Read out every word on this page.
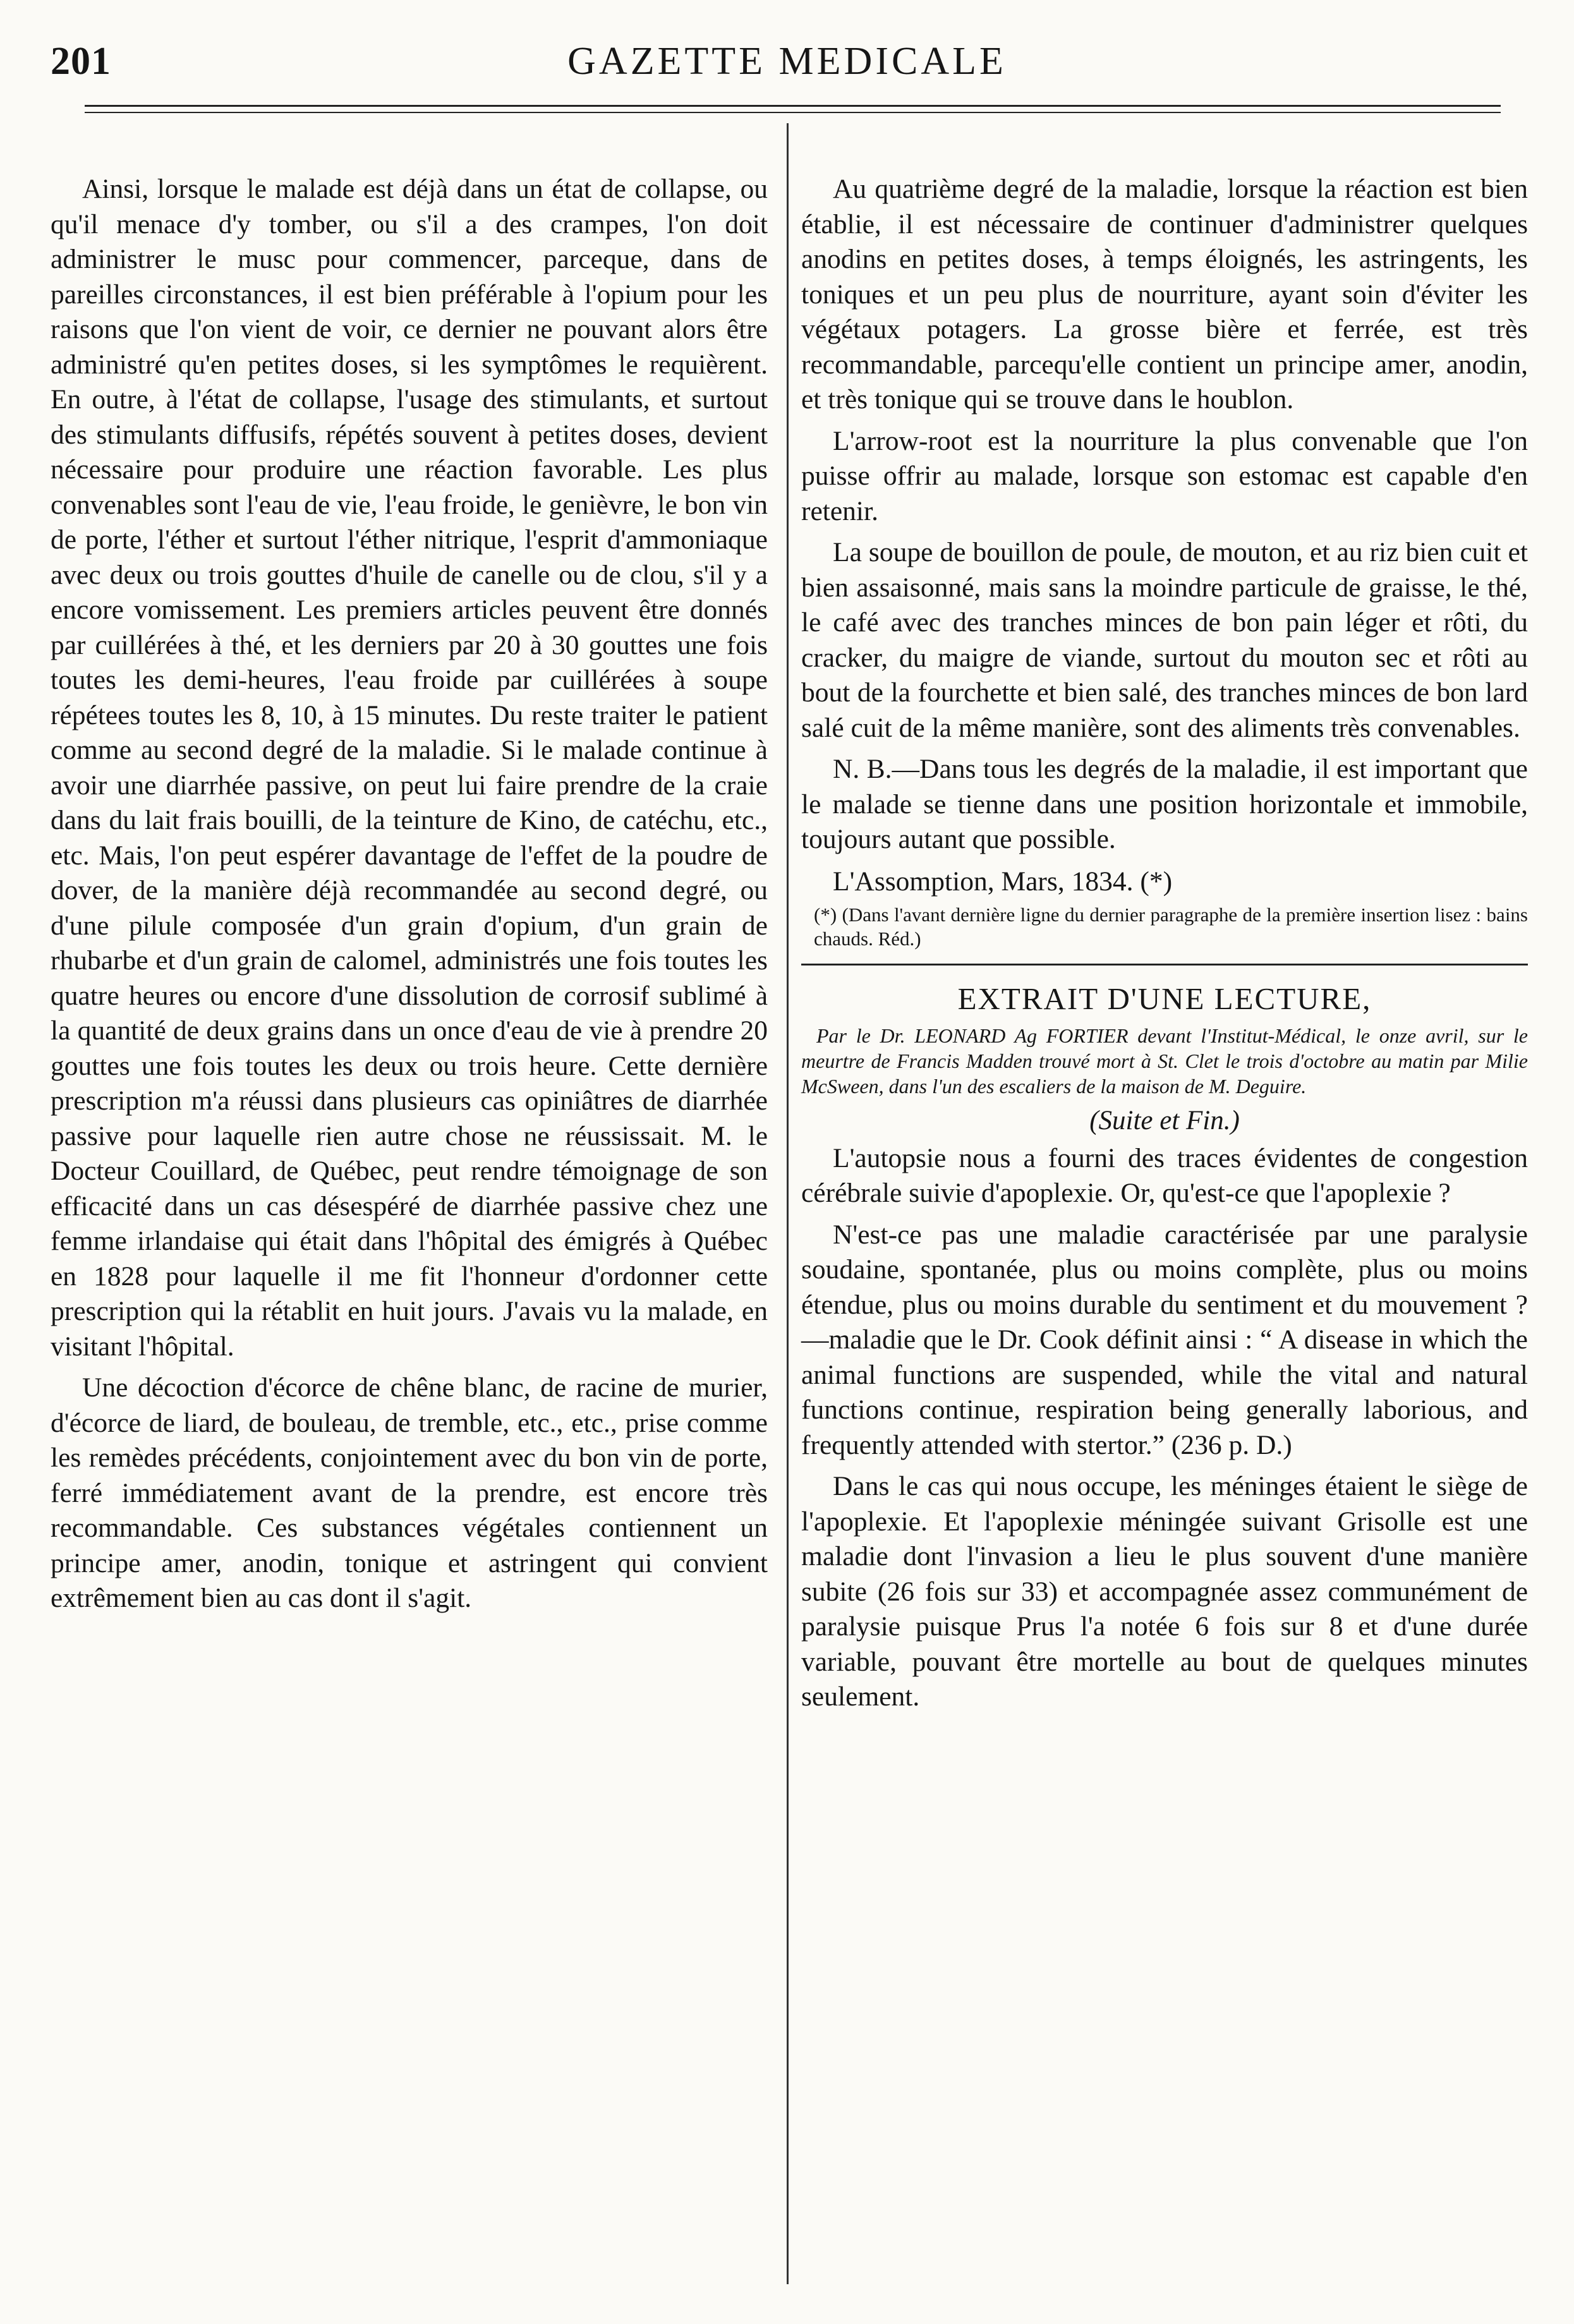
201	GAZETTE MEDICALE

Ainsi, lorsque le malade est déjà dans un état de collapse, ou qu'il menace d'y tomber, ou s'il a des crampes, l'on doit administrer le musc pour commencer, parceque, dans de pareilles circonstances, il est bien préférable à l'opium pour les raisons que l'on vient de voir, ce dernier ne pouvant alors être administré qu'en petites doses, si les symptômes le requièrent. En outre, à l'état de collapse, l'usage des stimulants, et surtout des stimulants diffusifs, répétés souvent à petites doses, devient nécessaire pour produire une réaction favorable. Les plus convenables sont l'eau de vie, l'eau froide, le genièvre, le bon vin de porte, l'éther et surtout l'éther nitrique, l'esprit d'ammoniaque avec deux ou trois gouttes d'huile de canelle ou de clou, s'il y a encore vomissement. Les premiers articles peuvent être donnés par cuillérées à thé, et les derniers par 20 à 30 gouttes une fois toutes les demi-heures, l'eau froide par cuillérées à soupe répétees toutes les 8, 10, à 15 minutes. Du reste traiter le patient comme au second degré de la maladie. Si le malade continue à avoir une diarrhée passive, on peut lui faire prendre de la craie dans du lait frais bouilli, de la teinture de Kino, de catéchu, etc., etc. Mais, l'on peut espérer davantage de l'effet de la poudre de dover, de la manière déjà recommandée au second degré, ou d'une pilule composée d'un grain d'opium, d'un grain de rhubarbe et d'un grain de calomel, administrés une fois toutes les quatre heures ou encore d'une dissolution de corrosif sublimé à la quantité de deux grains dans un once d'eau de vie à prendre 20 gouttes une fois toutes les deux ou trois heure. Cette dernière prescription m'a réussi dans plusieurs cas opiniâtres de diarrhée passive pour laquelle rien autre chose ne réussissait. M. le Docteur Couillard, de Québec, peut rendre témoignage de son efficacité dans un cas désespéré de diarrhée passive chez une femme irlandaise qui était dans l'hôpital des émigrés à Québec en 1828 pour laquelle il me fit l'honneur d'ordonner cette prescription qui la rétablit en huit jours. J'avais vu la malade, en visitant l'hôpital.

Une décoction d'écorce de chêne blanc, de racine de murier, d'écorce de liard, de bouleau, de tremble, etc., etc., prise comme les remèdes précédents, conjointement avec du bon vin de porte, ferré immédiatement avant de la prendre, est encore très recommandable. Ces substances végétales contiennent un principe amer, anodin, tonique et astringent qui convient extrêmement bien au cas dont il s'agit.

Au quatrième degré de la maladie, lorsque la réaction est bien établie, il est nécessaire de continuer d'administrer quelques anodins en petites doses, à temps éloignés, les astringents, les toniques et un peu plus de nourriture, ayant soin d'éviter les végétaux potagers. La grosse bière et ferrée, est très recommandable, parcequ'elle contient un principe amer, anodin, et très tonique qui se trouve dans le houblon.

L'arrow-root est la nourriture la plus convenable que l'on puisse offrir au malade, lorsque son estomac est capable d'en retenir.

La soupe de bouillon de poule, de mouton, et au riz bien cuit et bien assaisonné, mais sans la moindre particule de graisse, le thé, le café avec des tranches minces de bon pain léger et rôti, du cracker, du maigre de viande, surtout du mouton sec et rôti au bout de la fourchette et bien salé, des tranches minces de bon lard salé cuit de la même manière, sont des aliments très convenables.

N. B.—Dans tous les degrés de la maladie, il est important que le malade se tienne dans une position horizontale et immobile, toujours autant que possible.

L'Assomption, Mars, 1834. (*)

(*) (Dans l'avant dernière ligne du dernier paragraphe de la première insertion lisez : bains chauds. Réd.)

EXTRAIT D'UNE LECTURE,

Par le Dr. LEONARD Ag FORTIER devant l'Institut-Médical, le onze avril, sur le meurtre de Francis Madden trouvé mort à St. Clet le trois d'octobre au matin par Milie McSween, dans l'un des escaliers de la maison de M. Deguire.

(Suite et Fin.)

L'autopsie nous a fourni des traces évidentes de congestion cérébrale suivie d'apoplexie. Or, qu'est-ce que l'apoplexie ?

N'est-ce pas une maladie caractérisée par une paralysie soudaine, spontanée, plus ou moins complète, plus ou moins étendue, plus ou moins durable du sentiment et du mouvement ?—maladie que le Dr. Cook définit ainsi : “ A disease in which the animal functions are suspended, while the vital and natural functions continue, respiration being generally laborious, and frequently attended with stertor.” (236 p. D.)

Dans le cas qui nous occupe, les méninges étaient le siège de l'apoplexie. Et l'apoplexie méningée suivant Grisolle est une maladie dont l'invasion a lieu le plus souvent d'une manière subite (26 fois sur 33) et accompagnée assez communément de paralysie puisque Prus l'a notée 6 fois sur 8 et d'une durée variable, pouvant être mortelle au bout de quelques minutes seulement.
